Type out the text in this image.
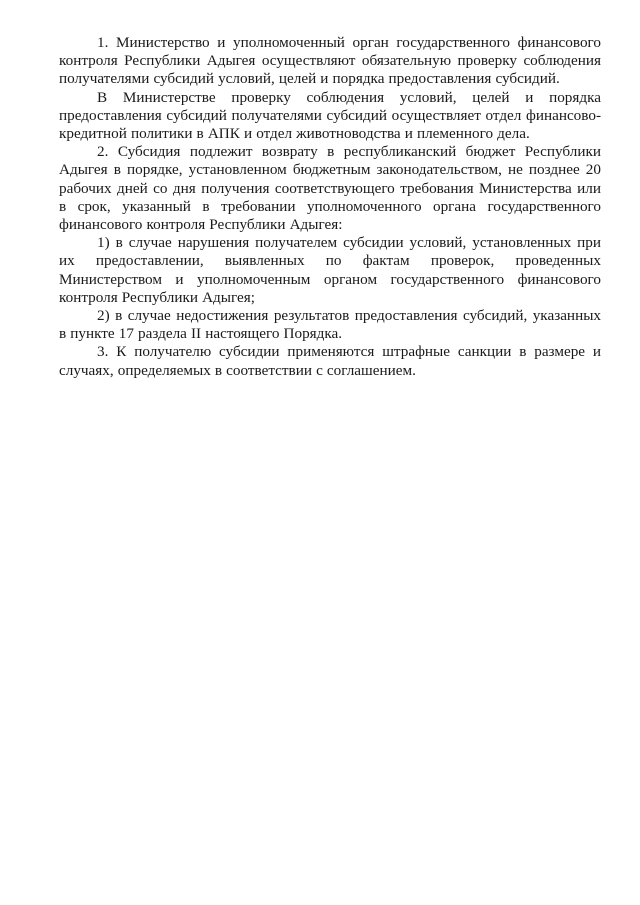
1. Министерство и уполномоченный орган государственного финансового контроля Республики Адыгея осуществляют обязательную проверку соблюдения получателями субсидий условий, целей и порядка предоставления субсидий.

В Министерстве проверку соблюдения условий, целей и порядка предоставления субсидий получателями субсидий осуществляет отдел финансово-кредитной политики в АПК и отдел животноводства и племенного дела.

2. Субсидия подлежит возврату в республиканский бюджет Республики Адыгея в порядке, установленном бюджетным законодательством, не позднее 20 рабочих дней со дня получения соответствующего требования Министерства или в срок, указанный в требовании уполномоченного органа государственного финансового контроля Республики Адыгея:

1) в случае нарушения получателем субсидии условий, установленных при их предоставлении, выявленных по фактам проверок, проведенных Министерством и уполномоченным органом государственного финансового контроля Республики Адыгея;

2) в случае недостижения результатов предоставления субсидий, указанных в пункте 17 раздела II настоящего Порядка.

3. К получателю субсидии применяются штрафные санкции в размере и случаях, определяемых в соответствии с соглашением.
